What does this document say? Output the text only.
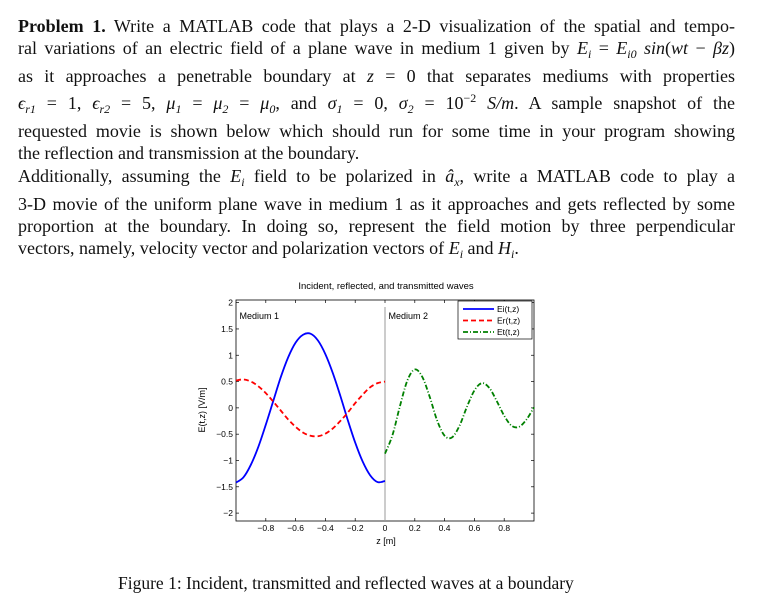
Problem 1. Write a MATLAB code that plays a 2-D visualization of the spatial and tempo-
ral variations of an electric field of a plane wave in medium 1 given by $E_i = E_{i0}$ sin(wt − βz)
as it approaches a penetrable boundary at z = 0 that separates mediums with properties
$\epsilon_{r1} = 1$, $\epsilon_{r2} = 5$, $\mu_1 = \mu_2 = \mu_0$, and $\sigma_1 = 0$, $\sigma_2 = 10^{-2}$ S/m. A sample snapshot of the
requested movie is shown below which should run for some time in your program showing
the reflection and transmission at the boundary.
Additionally, assuming the $E_i$ field to be polarized in $â_x$, write a MATLAB code to play a
3-D movie of the uniform plane wave in medium 1 as it approaches and gets reflected by some
proportion at the boundary. In doing so, represent the field motion by three perpendicular
vectors, namely, velocity vector and polarization vectors of $E_i$ and $H_i$.
Incident, reflected, and transmitted waves
−0.8 −0.6 −0.4 −0.2 0	0.2 0.4 0.6 0.8
2
1.5
1
0.5
0
−0.5
−1
−1.5
−2
Medium 1	Medium 2
z [m]
E(t,z) [V/m]
Ei(t,z)
Er(t,z)
Et(t,z)
Figure 1: Incident, transmitted and reflected waves at a boundary
